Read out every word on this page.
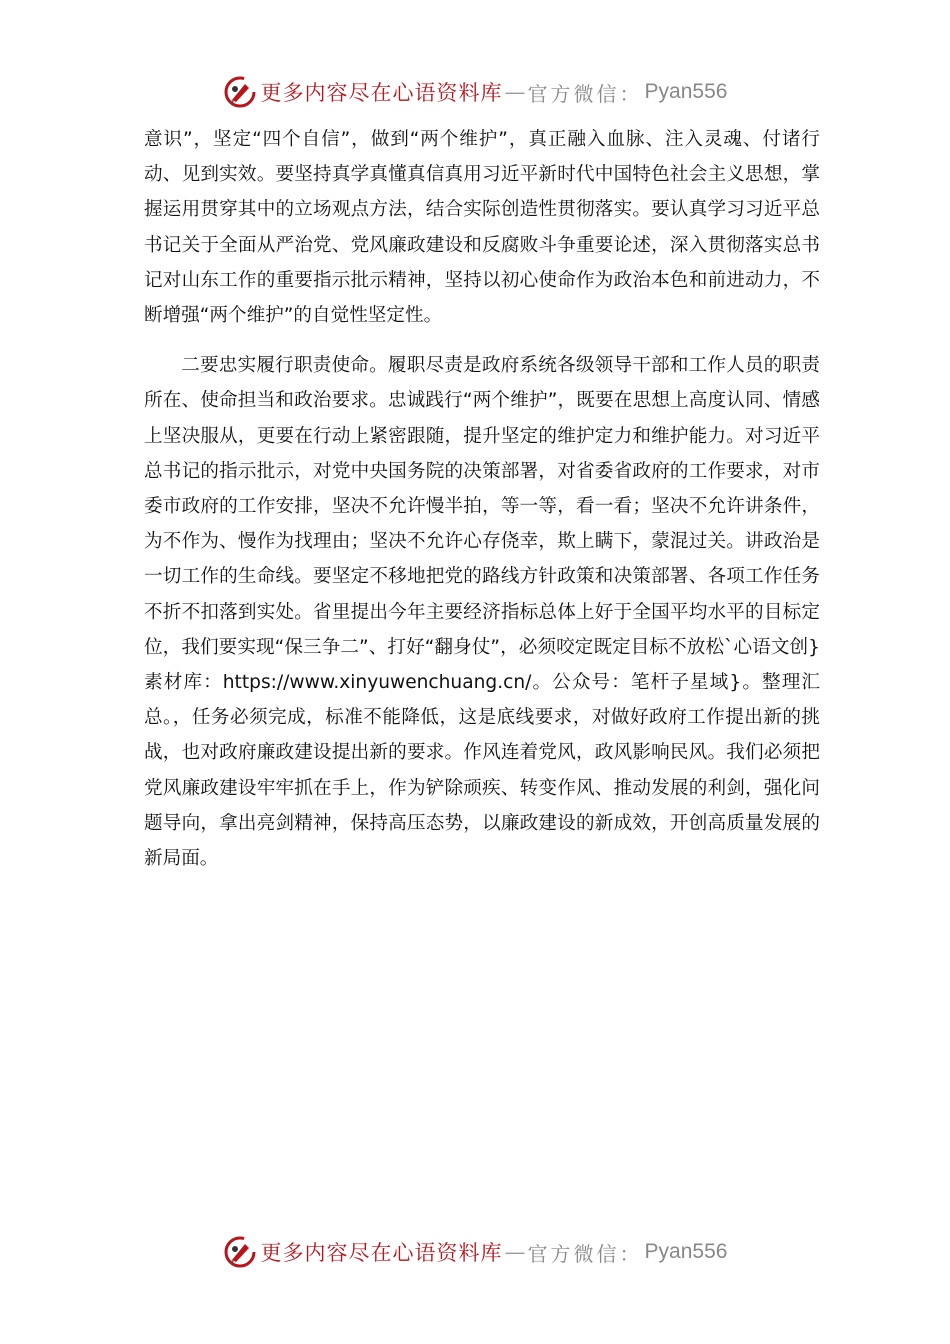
更多内容尽在心语资料库 — 官方微信： Pyan556

意识”，坚定“四个自信”，做到“两个维护”，真正融入血脉、注入灵魂、付诸行动、见到实效。要坚持真学真懂真信真用习近平新时代中国特色社会主义思想，掌握运用贯穿其中的立场观点方法，结合实际创造性贯彻落实。要认真学习习近平总书记关于全面从严治党、党风廉政建设和反腐败斗争重要论述，深入贯彻落实总书记对山东工作的重要指示批示精神，坚持以初心使命作为政治本色和前进动力，不断增强“两个维护”的自觉性坚定性。

二要忠实履行职责使命。履职尽责是政府系统各级领导干部和工作人员的职责所在、使命担当和政治要求。忠诚践行“两个维护”，既要在思想上高度认同、情感上坚决服从，更要在行动上紧密跟随，提升坚定的维护定力和维护能力。对习近平总书记的指示批示，对党中央国务院的决策部署，对省委省政府的工作要求，对市委市政府的工作安排，坚决不允许慢半拍，等一等，看一看；坚决不允许讲条件，为不作为、慢作为找理由；坚决不允许心存侥幸，欺上瞒下，蒙混过关。讲政治是一切工作的生命线。要坚定不移地把党的路线方针政策和决策部署、各项工作任务不折不扣落到实处。省里提出今年主要经济指标总体上好于全国平均水平的目标定位，我们要实现“保三争二”、打好“翻身仗”，必须咬定既定目标不放松`心语文创}素材库：https://www.xinyuwenchuang.cn/。公众号：笔杆子星域}。整理汇总。，任务必须完成，标准不能降低，这是底线要求，对做好政府工作提出新的挑战，也对政府廉政建设提出新的要求。作风连着党风，政风影响民风。我们必须把党风廉政建设牢牢抓在手上，作为铲除顽疾、转变作风、推动发展的利剑，强化问题导向，拿出亮剑精神，保持高压态势，以廉政建设的新成效，开创高质量发展的新局面。

更多内容尽在心语资料库 — 官方微信： Pyan556
